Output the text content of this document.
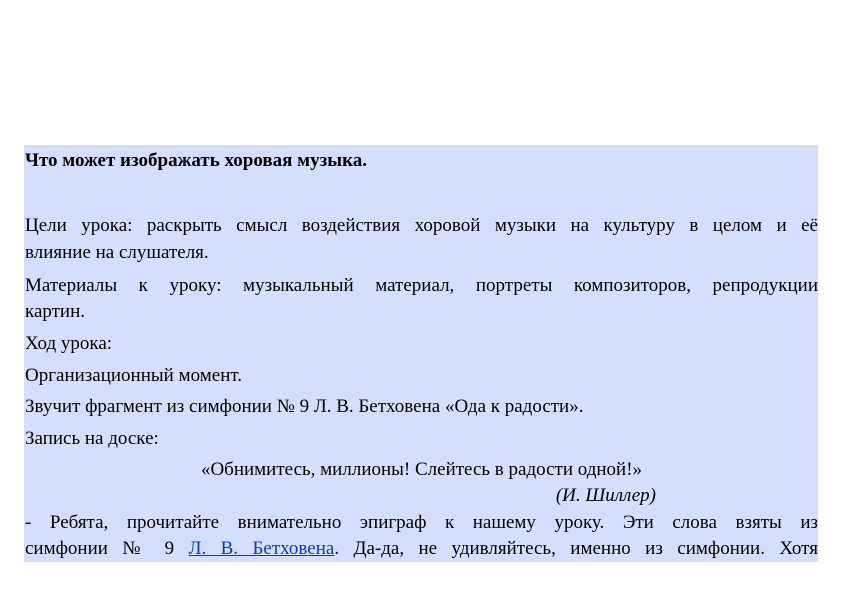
Что может изображать хоровая музыка.
Цели урока: раскрыть смысл воздействия хоровой музыки на культуру в целом и её
влияние на слушателя.
Материалы к уроку: музыкальный материал, портреты композиторов, репродукции
картин.
Ход урока:
Организационный момент.
Звучит фрагмент из симфонии № 9 Л. В. Бетховена «Ода к радости».
Запись на доске:
«Обнимитесь, миллионы! Слейтесь в радости одной!»
(И. Шиллер)
- Ребята, прочитайте внимательно эпиграф к нашему уроку. Эти слова взяты из
симфонии № 9 Л. В. Бетховена. Да-да, не удивляйтесь, именно из симфонии. Хотя
